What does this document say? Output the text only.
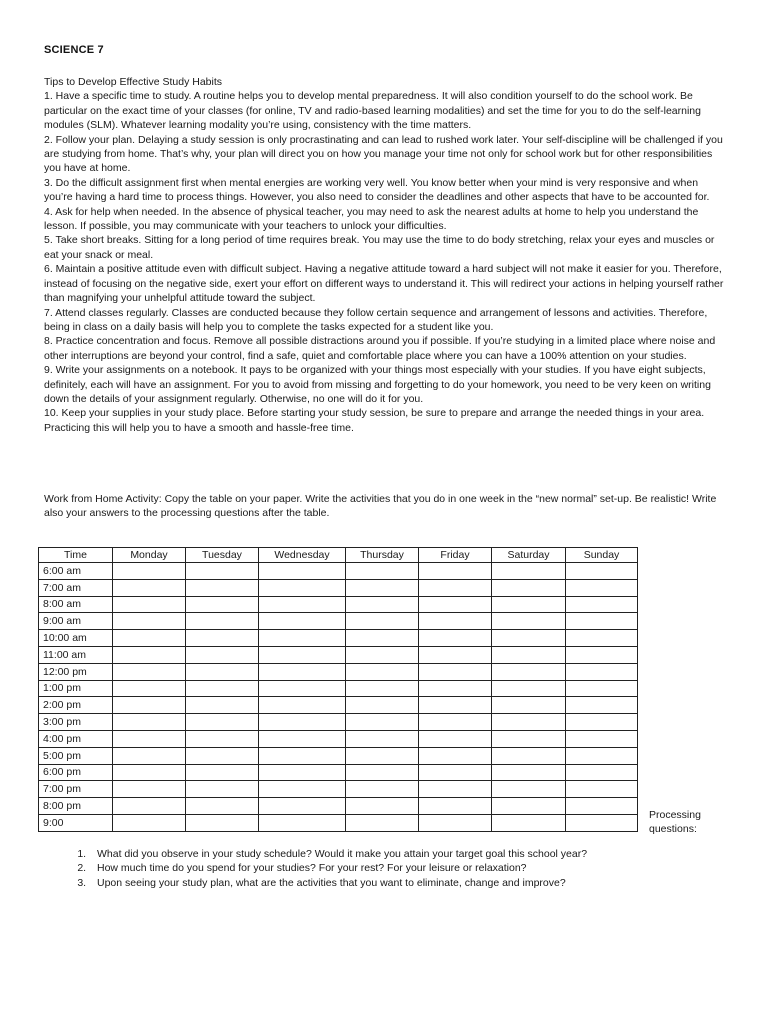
SCIENCE 7

Tips to Develop Effective Study Habits

1. Have a specific time to study. A routine helps you to develop mental preparedness. It will also condition yourself to do the school work. Be particular on the exact time of your classes (for online, TV and radio-based learning modalities) and set the time for you to do the self-learning modules (SLM). Whatever learning modality you’re using, consistency with the time matters.

2. Follow your plan. Delaying a study session is only procrastinating and can lead to rushed work later. Your self-discipline will be challenged if you are studying from home. That’s why, your plan will direct you on how you manage your time not only for school work but for other responsibilities you have at home.

3. Do the difficult assignment first when mental energies are working very well. You know better when your mind is very responsive and when you’re having a hard time to process things. However, you also need to consider the deadlines and other aspects that have to be accounted for.

4. Ask for help when needed. In the absence of physical teacher, you may need to ask the nearest adults at home to help you understand the lesson. If possible, you may communicate with your teachers to unlock your difficulties.

5. Take short breaks. Sitting for a long period of time requires break. You may use the time to do body stretching, relax your eyes and muscles or eat your snack or meal.

6. Maintain a positive attitude even with difficult subject. Having a negative attitude toward a hard subject will not make it easier for you. Therefore, instead of focusing on the negative side, exert your effort on different ways to understand it. This will redirect your actions in helping yourself rather than magnifying your unhelpful attitude toward the subject.

7. Attend classes regularly. Classes are conducted because they follow certain sequence and arrangement of lessons and activities. Therefore, being in class on a daily basis will help you to complete the tasks expected for a student like you.

8. Practice concentration and focus. Remove all possible distractions around you if possible. If you’re studying in a limited place where noise and other interruptions are beyond your control, find a safe, quiet and comfortable place where you can have a 100% attention on your studies.

9. Write your assignments on a notebook. It pays to be organized with your things most especially with your studies. If you have eight subjects, definitely, each will have an assignment. For you to avoid from missing and forgetting to do your homework, you need to be very keen on writing down the details of your assignment regularly. Otherwise, no one will do it for you.

10. Keep your supplies in your study place. Before starting your study session, be sure to prepare and arrange the needed things in your area. Practicing this will help you to have a smooth and hassle-free time.

Work from Home Activity: Copy the table on your paper. Write the activities that you do in one week in the “new normal” set-up. Be realistic! Write also your answers to the processing questions after the table.
Time	Monday	Tuesday	Wednesday	Thursday	Friday	Saturday	Sunday
6:00 am							
7:00 am							
8:00 am							
9:00 am							
10:00 am							
11:00 am							
12:00 pm							
1:00 pm							
2:00 pm							
3:00 pm							
4:00 pm							
5:00 pm							
6:00 pm							
7:00 pm							
8:00 pm							
9:00							
Processing questions:
1. What did you observe in your study schedule? Would it make you attain your target goal this school year?
2. How much time do you spend for your studies? For your rest? For your leisure or relaxation?
3. Upon seeing your study plan, what are the activities that you want to eliminate, change and improve?
